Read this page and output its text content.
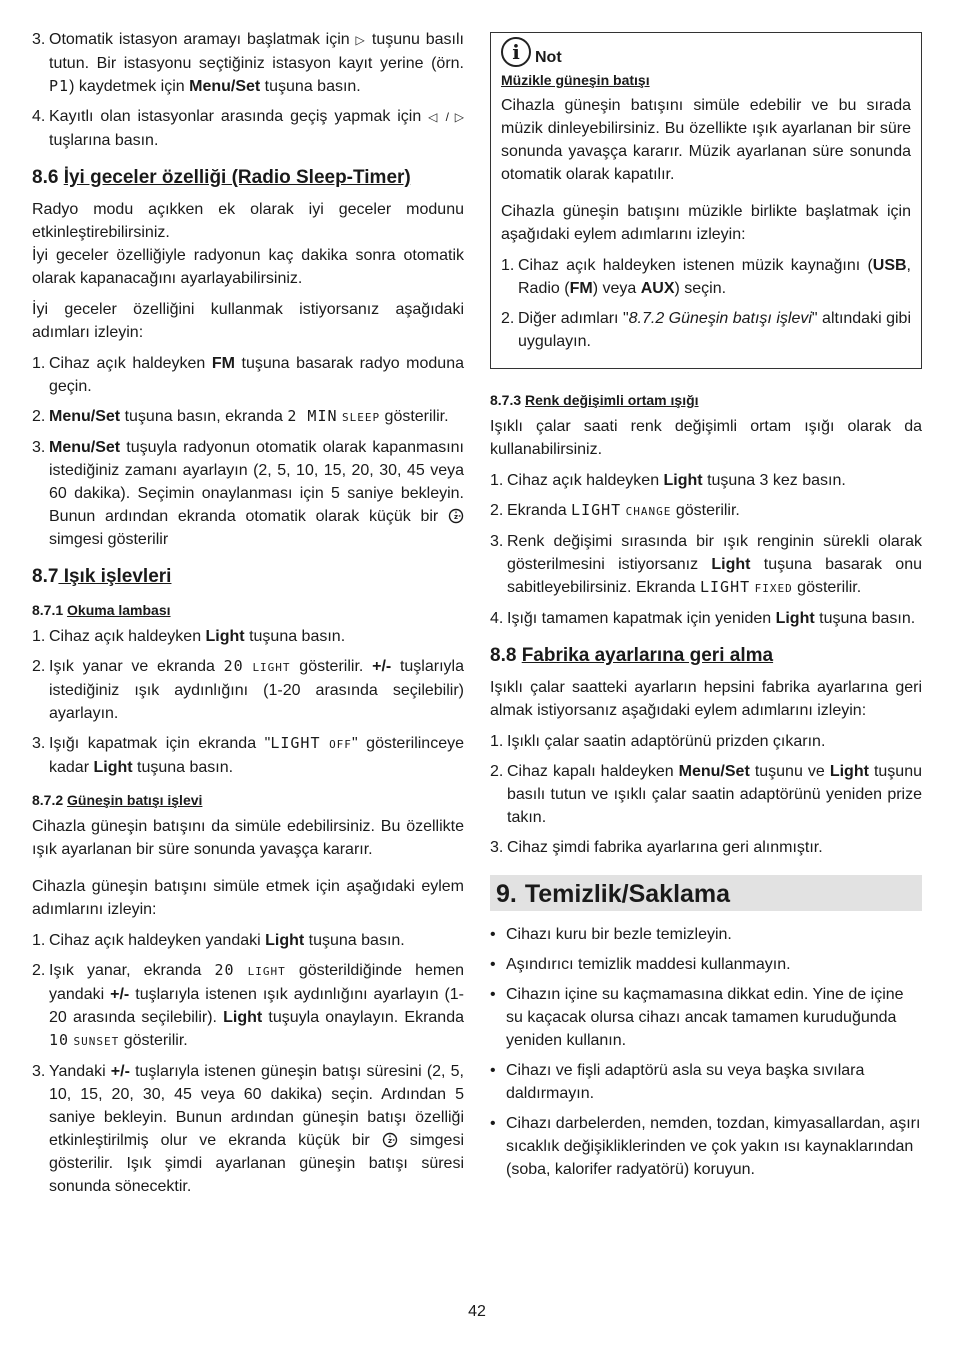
3. Otomatik istasyon aramayı başlatmak için ▷ tuşunu basılı tutun. Bir istasyonu seçtiğiniz istasyon kayıt yerine (örn. P1) kaydetmek için Menu/Set tuşuna basın.
4. Kayıtlı olan istasyonlar arasında geçiş yapmak için ◁ / ▷ tuşlarına basın.
8.6 İyi geceler özelliği (Radio Sleep-Timer)

Radyo modu açıkken ek olarak iyi geceler modunu etkinleştirebilirsiniz.

İyi geceler özelliğiyle radyonun kaç dakika sonra otomatik olarak kapanacağını ayarlayabilirsiniz.

İyi geceler özelliğini kullanmak istiyorsanız aşağıdaki adımları izleyin:

1. Cihaz açık haldeyken FM tuşuna basarak radyo moduna geçin.
2. Menu/Set tuşuna basın, ekranda 2 MIN SLEEP gösterilir.
3. Menu/Set tuşuyla radyonun otomatik olarak kapanmasını istediğiniz zamanı ayarlayın (2, 5, 10, 15, 20, 30, 45 veya 60 dakika). Seçimin onaylanması için 5 saniye bekleyin. Bunun ardından ekranda otomatik olarak küçük bir z
simgesi gösterilir
8.7 Işık işlevleri
8.7.1 Okuma lambası
1. Cihaz açık haldeyken Light tuşuna basın.
2. Işık yanar ve ekranda 20 LIGHT gösterilir. +/- tuşlarıyla istediğiniz ışık aydınlığını (1-20 arasında seçilebilir) ayarlayın.
3. Işığı kapatmak için ekranda "LIGHT OFF" gösterilinceye kadar Light tuşuna basın.
8.7.2 Güneşin batışı işlevi

Cihazla güneşin batışını da simüle edebilirsiniz. Bu özellikte ışık ayarlanan bir süre sonunda yavaşça kararır.

Cihazla güneşin batışını simüle etmek için aşağıdaki eylem adımlarını izleyin:

1. Cihaz açık haldeyken yandaki Light tuşuna basın.
2. Işık yanar, ekranda 20 LIGHT gösterildiğinde hemen yandaki +/- tuşlarıyla istenen ışık aydınlığını ayarlayın (1-20 arasında seçilebilir). Light tuşuyla onaylayın. Ekranda 10 SUNSET gösterilir.
3. Yandaki +/- tuşlarıyla istenen güneşin batışı süresini (2, 5, 10, 15, 20, 30, 45 veya 60 dakika) seçin. Ardından 5 saniye bekleyin. Bunun ardından güneşin batışı özelliği etkinleştirilmiş olur ve ekranda küçük bir z simgesi gösterilir. Işık şimdi ayarlanan güneşin batışı süresi sonunda sönecektir.
i Not
Müzikle güneşin batışı

Cihazla güneşin batışını simüle edebilir ve bu sırada müzik dinleyebilirsiniz. Bu özellikte ışık ayarlanan bir süre sonunda yavaşça kararır. Müzik ayarlanan süre sonunda otomatik olarak kapatılır.

Cihazla güneşin batışını müzikle birlikte başlatmak için aşağıdaki eylem adımlarını izleyin:

1. Cihaz açık haldeyken istenen müzik kaynağını (USB, Radio (FM) veya AUX) seçin.
2. Diğer adımları "8.7.2 Güneşin batışı işlevi" altındaki gibi uygulayın.
8.7.3 Renk değişimli ortam ışığı

Işıklı çalar saati renk değişimli ortam ışığı olarak da kullanabilirsiniz.

1. Cihaz açık haldeyken Light tuşuna 3 kez basın.
2. Ekranda LIGHT CHANGE gösterilir.
3. Renk değişimi sırasında bir ışık renginin sürekli olarak gösterilmesini istiyorsanız Light tuşuna basarak onu sabitleyebilirsiniz. Ekranda LIGHT FIXED gösterilir.
4. Işığı tamamen kapatmak için yeniden Light tuşuna basın.
8.8 Fabrika ayarlarına geri alma

Işıklı çalar saatteki ayarların hepsini fabrika ayarlarına geri almak istiyorsanız aşağıdaki eylem adımlarını izleyin:

1. Işıklı çalar saatin adaptörünü prizden çıkarın.
2. Cihaz kapalı haldeyken Menu/Set tuşunu ve Light tuşunu basılı tutun ve ışıklı çalar saatin adaptörünü yeniden prize takın.
3. Cihaz şimdi fabrika ayarlarına geri alınmıştır.
9. Temizlik/Saklama
• Cihazı kuru bir bezle temizleyin.
• Aşındırıcı temizlik maddesi kullanmayın.
• Cihazın içine su kaçmamasına dikkat edin. Yine de içine su kaçacak olursa cihazı ancak tamamen kuruduğunda yeniden kullanın.
• Cihazı ve fişli adaptörü asla su veya başka sıvılara daldırmayın.
• Cihazı darbelerden, nemden, tozdan, kimyasallardan, aşırı sıcaklık değişikliklerinden ve çok yakın ısı kaynaklarından (soba, kalorifer radyatörü) koruyun.
42
